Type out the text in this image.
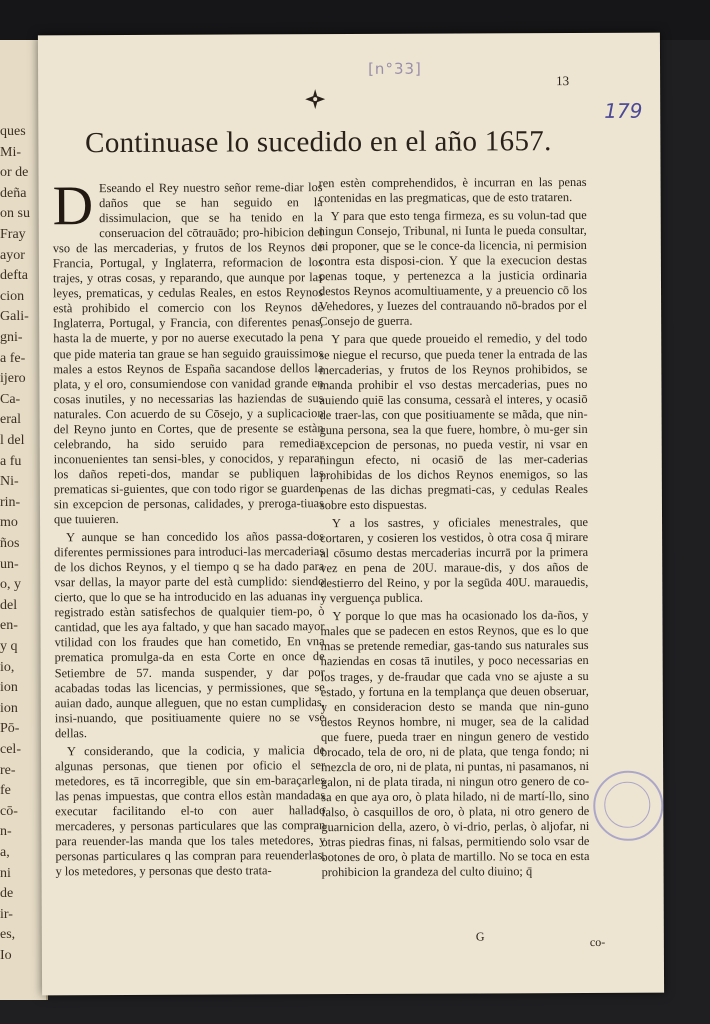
ques
Mi-
or de
deña
on su
Fray
ayor
defta
cion
Gali-
gni-
a fe-
ijero
Ca-
eral
l del
a fu
Ni-
rin-
mo
ños
un-
o, y
del
en-
y q
io,
ion
ion
Pō-
cel-
re-
fe
cō-
n-
a,
ni
de
ir-
es,
Io
[n°33]
13
179
Continuase lo sucedido en el año 1657.

D Eseando el Rey nuestro señor reme-diar los daños que se han seguido en la dissimulacion, que se ha tenido en la conseruacion del cōtrauādo; pro-hibicion del vso de las mercaderias, y frutos de los Reynos de Francia, Portugal, y Inglaterra, reformacion de los trajes, y otras cosas, y reparando, que aunque por las leyes, prematicas, y cedulas Reales, en estos Reynos està prohibido el comercio con los Reynos de Inglaterra, Portugal, y Francia, con diferentes penas, hasta la de muerte, y por no auerse executado la pena que pide materia tan graue se han seguido grauissimos males a estos Reynos de España sacandose dellos la plata, y el oro, consumiendose con vanidad grande en cosas inutiles, y no necessarias las haziendas de sus naturales. Con acuerdo de su Cōsejo, y a suplicacion del Reyno junto en Cortes, que de presente se estàn celebrando, ha sido seruido para remediar inconuenientes tan sensi-bles, y conocidos, y reparar los daños repeti-dos, mandar se publiquen las prematicas si-guientes, que con todo rigor se guarden, sin excepcion de personas, calidades, y preroga-tiuas que tuuieren.

Y aunque se han concedido los años passa-dos diferentes permissiones para introduci-las mercaderias de los dichos Reynos, y el tiempo q se ha dado para vsar dellas, la mayor parte del està cumplido: siendo cierto, que lo que se ha introducido en las aduanas in-registrado estàn satisfechos de qualquier tiem-po, ò cantidad, que les aya faltado, y que han sacado mayor vtilidad con los fraudes que han cometido, En vna prematica promulga-da en esta Corte en once de Setiembre de 57. manda suspender, y dar por acabadas todas las licencias, y permissiones, que se auian dado, aunque alleguen, que no estan cumplidas, insi-nuando, que positiuamente quiere no se vse dellas.

Y considerando, que la codicia, y malicia de algunas personas, que tienen por oficio el ser metedores, es tā incorregible, que sin em-baraçarles las penas impuestas, que contra ellos estàn mandadas executar facilitando el-to con auer hallado mercaderes, y personas particulares que las compran para reuender-las manda que los tales metedores, y personas particulares q las compran para reuenderlas, y los metedores, y personas que desto trata-

ren estèn comprehendidos, è incurran en las penas contenidas en las pregmaticas, que de esto trataren.

Y para que esto tenga firmeza, es su volun-tad que ningun Consejo, Tribunal, ni Iunta le pueda consultar, ni proponer, que se le conce-da licencia, ni permision contra esta disposi-cion. Y que la execucion destas penas toque, y pertenezca a la justicia ordinaria destos Reynos acomultiuamente, y a preuencio cō los Vehedores, y Iuezes del contrauando nō-brados por el Consejo de guerra.

Y para que quede proueido el remedio, y del todo se niegue el recurso, que pueda tener la entrada de las mercaderias, y frutos de los Reynos prohibidos, se manda prohibir el vso destas mercaderias, pues no auiendo quiē las consuma, cessarà el interes, y ocasiō de traer-las, con que positiuamente se mãda, que nin-guna persona, sea la que fuere, hombre, ò mu-ger sin excepcion de personas, no pueda vestir, ni vsar en ningun efecto, ni ocasiō de las mer-caderias prohibidas de los dichos Reynos enemigos, so las penas de las dichas pregmati-cas, y cedulas Reales sobre esto dispuestas.

Y a los sastres, y oficiales menestrales, que cortaren, y cosieren los vestidos, ò otra cosa q̄ mirare al cōsumo destas mercaderias incurrā por la primera vez en pena de 20U. maraue-dis, y dos años de destierro del Reino, y por la segūda 40U. marauedis, y verguença publica.

Y porque lo que mas ha ocasionado los da-ños, y males que se padecen en estos Reynos, que es lo que mas se pretende remediar, gas-tando sus naturales sus haziendas en cosas tā inutiles, y poco necessarias en los trages, y de-fraudar que cada vno se ajuste a su estado, y fortuna en la templança que deuen obseruar, y en consideracion desto se manda que nin-guno destos Reynos hombre, ni muger, sea de la calidad que fuere, pueda traer en ningun genero de vestido brocado, tela de oro, ni de plata, que tenga fondo; ni mezcla de oro, ni de plata, ni puntas, ni pasamanos, ni galon, ni de plata tirada, ni ningun otro genero de co-sa en que aya oro, ò plata hilado, ni de martí-llo, sino falso, ò casquillos de oro, ò plata, ni otro genero de guarnicion della, azero, ò vi-drio, perlas, ò aljofar, ni otras piedras finas, ni falsas, permitiendo solo vsar de botones de oro, ò plata de martillo. No se toca en esta prohibicion la grandeza del culto diuino; q̄

G	co-
